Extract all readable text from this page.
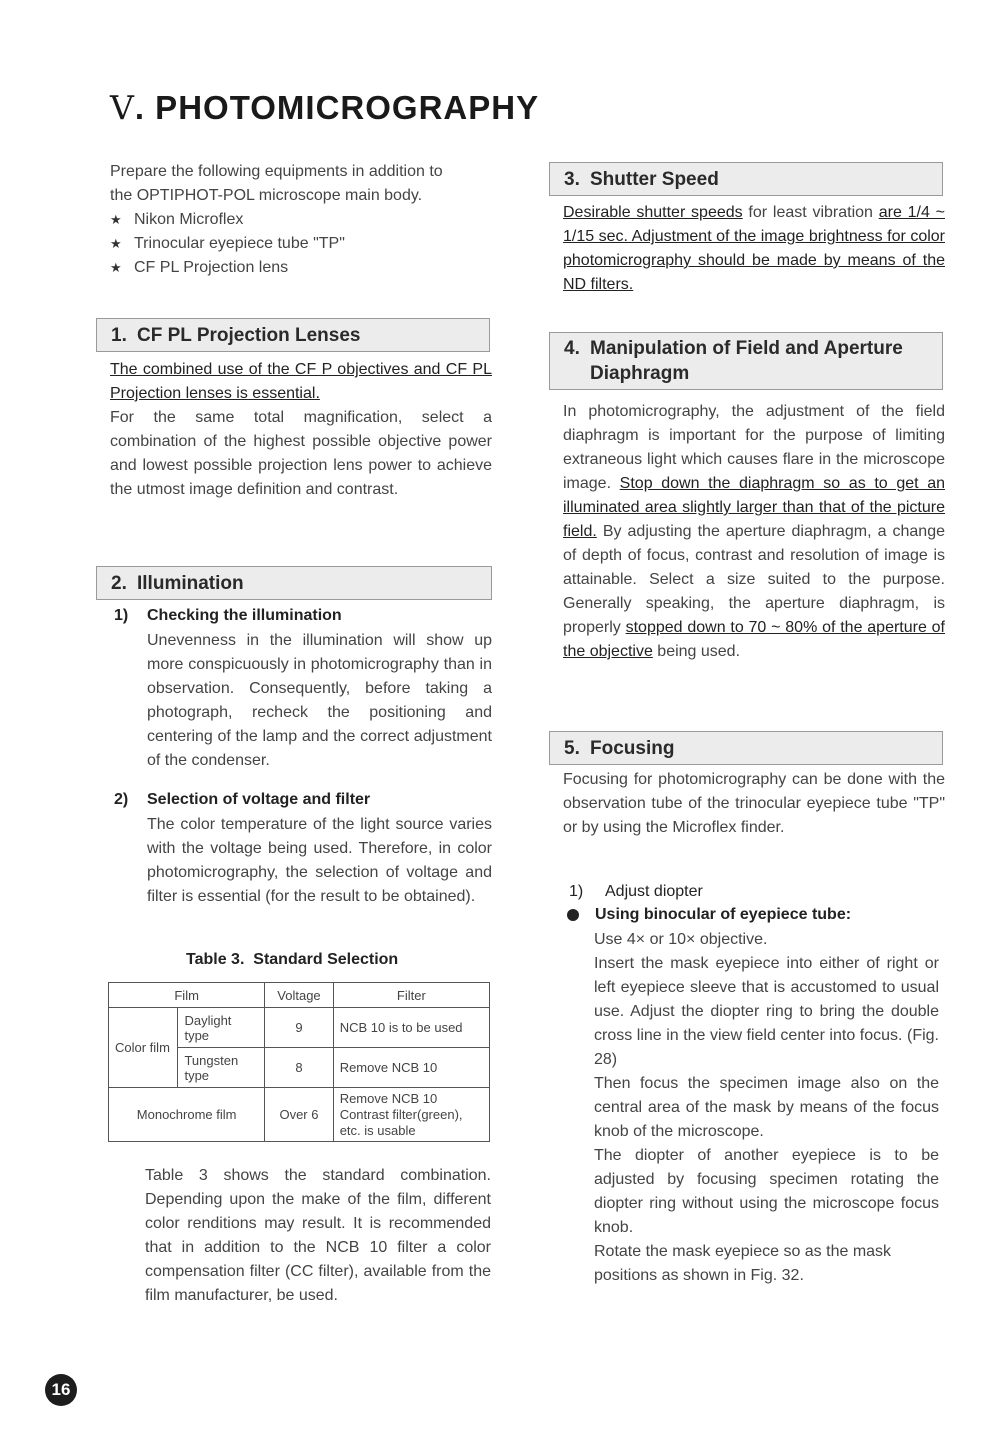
V. PHOTOMICROGRAPHY
Prepare the following equipments in addition to
the OPTIPHOT-POL microscope main body.
★ Nikon Microflex
★ Trinocular eyepiece tube "TP"
★ CF PL Projection lens
1. CF PL Projection Lenses

The combined use of the CF P objectives and CF PL Projection lenses is essential.

For the same total magnification, select a combination of the highest possible objective power and lowest possible projection lens power to achieve the utmost image definition and contrast.

2. Illumination
1) Checking the illumination

Unevenness in the illumination will show up more conspicuously in photomicrography than in observation. Consequently, before taking a photograph, recheck the positioning and centering of the lamp and the correct adjustment of the condenser.

2) Selection of voltage and filter

The color temperature of the light source varies with the voltage being used. Therefore, in color photomicrography, the selection of voltage and filter is essential (for the result to be obtained).

Table 3.  Standard Selection
Film		Voltage	Filter
Color film	Daylight type	9	NCB 10 is to be used
	Tungsten type	8	Remove NCB 10
Monochrome film		Over 6	Remove NCB 10 Contrast filter(green), etc. is usable

Table 3 shows the standard combination. Depending upon the make of the film, different color renditions may result. It is recommended that in addition to the NCB 10 filter a color compensation filter (CC filter), available from the film manufacturer, be used.

3. Shutter Speed

Desirable shutter speeds for least vibration are 1/4 ~ 1/15 sec. Adjustment of the image brightness for color photomicrography should be made by means of the ND filters.

4. Manipulation of Field and Aperture
Diaphragm

In photomicrography, the adjustment of the field diaphragm is important for the purpose of limiting extraneous light which causes flare in the microscope image. Stop down the diaphragm so as to get an illuminated area slightly larger than that of the picture field. By adjusting the aperture diaphragm, a change of depth of focus, contrast and resolution of image is attainable. Select a size suited to the purpose. Generally speaking, the aperture diaphragm, is properly stopped down to 70 ~ 80% of the aperture of the objective being used.

5. Focusing

Focusing for photomicrography can be done with the observation tube of the trinocular eyepiece tube "TP" or by using the Microflex finder.

1) Adjust diopter
Using binocular of eyepiece tube:

Use 4× or 10× objective.

Insert the mask eyepiece into either of right or left eyepiece sleeve that is accustomed to usual use. Adjust the diopter ring to bring the double cross line in the view field center into focus. (Fig. 28)

Then focus the specimen image also on the central area of the mask by means of the focus knob of the microscope.

The diopter of another eyepiece is to be adjusted by focusing specimen rotating the diopter ring without using the microscope focus knob.

Rotate the mask eyepiece so as the mask positions as shown in Fig. 32.

16
